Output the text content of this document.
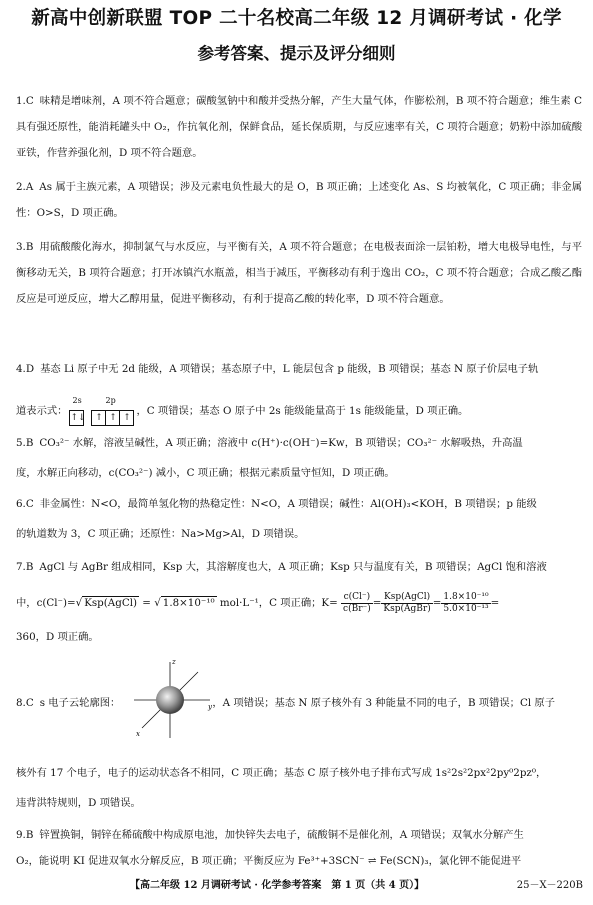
新高中创新联盟 TOP 二十名校高二年级 12 月调研考试 · 化学
参考答案、提示及评分细则
1.C 味精是增味剂，A 项不符合题意；碳酸氢钠中和酸并受热分解，产生大量气体，作膨松剂，B 项不符合题意；维生素 C 具有强还原性，能消耗罐头中 O₂，作抗氧化剂，保鲜食品，延长保质期，与反应速率有关，C 项符合题意；奶粉中添加硫酸亚铁，作营养强化剂，D 项不符合题意。
2.A As 属于主族元素，A 项错误；涉及元素电负性最大的是 O，B 项正确；上述变化 As、S 均被氧化，C 项正确；非金属性：O>S，D 项正确。
3.B 用硫酸酸化海水，抑制氯气与水反应，与平衡有关，A 项不符合题意；在电极表面涂一层铂粉，增大电极导电性，与平衡移动无关，B 项符合题意；打开冰镇汽水瓶盖，相当于减压，平衡移动有利于逸出 CO₂，C 项不符合题意；合成乙酸乙酯反应是可逆反应，增大乙醇用量，促进平衡移动，有利于提高乙酸的转化率，D 项不符合题意。
4.D 基态 Li 原子中无 2d 能级，A 项错误；基态原子中，L 能层包含 p 能级，B 项错误；基态 N 原子价层电子轨
道表示式：
2s
↑↓
2p
↑ ↑ ↑，C 项错误；基态 O 原子中 2s 能级能量高于 1s 能级能量，D 项正确。
5.B CO₃²⁻ 水解，溶液呈碱性，A 项正确；溶液中 c(H⁺)·c(OH⁻)=Kw，B 项错误；CO₃²⁻ 水解吸热，升高温
度，水解正向移动，c(CO₃²⁻) 减小，C 项正确；根据元素质量守恒知，D 项正确。
6.C 非金属性：N<O，最简单氢化物的热稳定性：N<O，A 项错误；碱性：Al(OH)₃<KOH，B 项错误；p 能级
的轨道数为 3，C 项正确；还原性：Na>Mg>Al，D 项错误。
7.B AgCl 与 AgBr 组成相同，Ksp 大，其溶解度也大，A 项正确；Ksp 只与温度有关，B 项错误；AgCl 饱和溶液
中，c(Cl⁻)=√ Ksp(AgCl) = √ 1.8×10⁻¹⁰ mol·L⁻¹，C 项正确；$K= \frac{c(Cl^-)}{c(Br^-)} = \frac{\text{Ksp(AgCl)}}{\text{Ksp(AgBr)}} = \frac{\text{1.8×10⁻¹⁰}}{\text{5.0×10⁻¹³}}$ =
360，D 项正确。
8.C s 电子云轮廓图：	，A 项错误；基态 N 原子核外有 3 种能量不同的电子，B 项错误；Cl 原子
z
y
x
核外有 17 个电子，电子的运动状态各不相同，C 项正确；基态 C 原子核外电子排布式写成 1s²2s²2px²2py⁰2pz⁰，
违背洪特规则，D 项错误。
9.B 锌置换铜，铜锌在稀硫酸中构成原电池，加快锌失去电子，硫酸铜不是催化剂，A 项错误；双氧水分解产生
O₂，能说明 KI 促进双氧水分解反应，B 项正确；平衡反应为 Fe³⁺+3SCN⁻ ⇌ Fe(SCN)₃，氯化钾不能促进平
【高二年级 12 月调研考试 · 化学参考答案　第 1 页（共 4 页）】	25－X－220B
